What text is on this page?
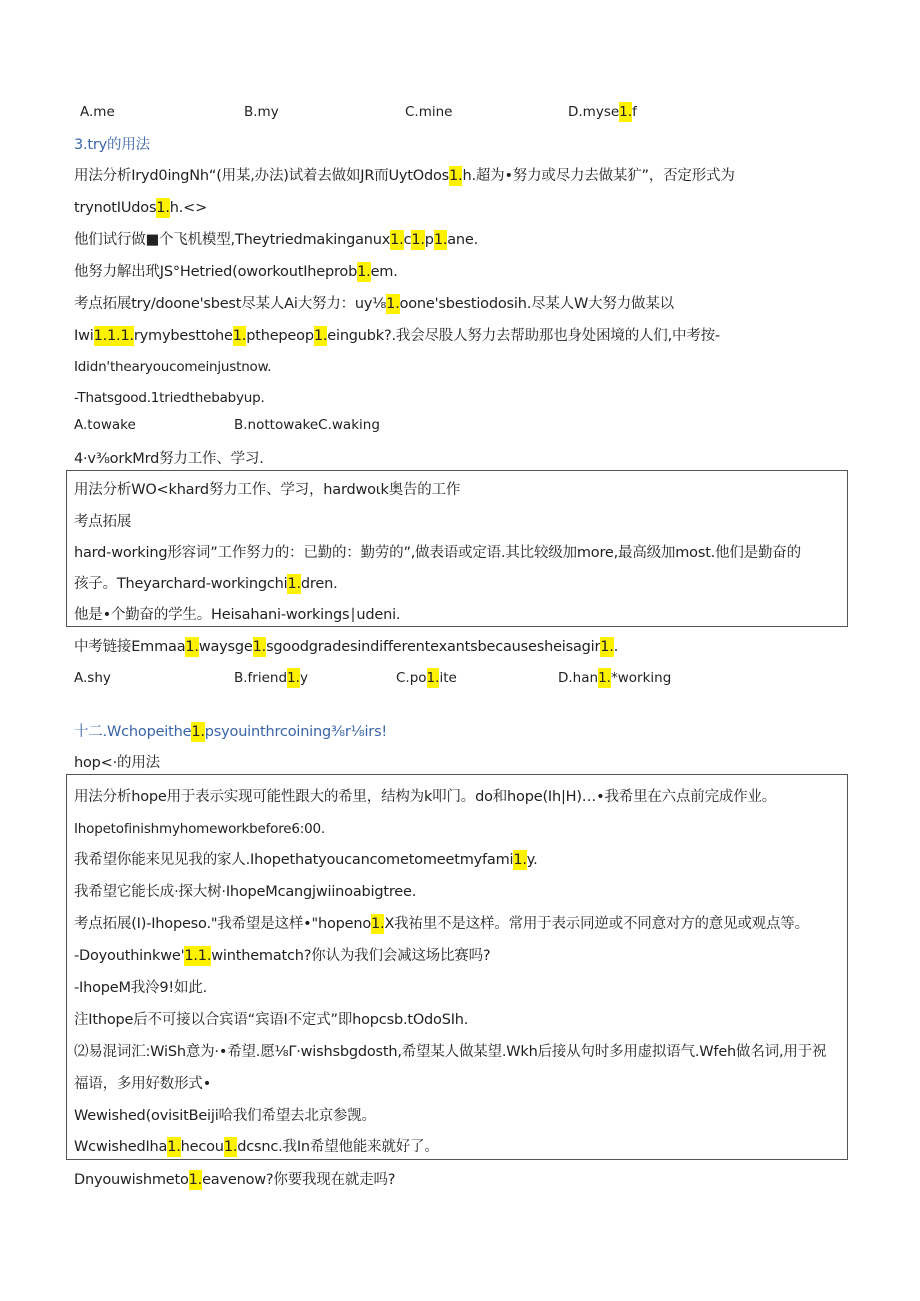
A.me	B.my	C.mine	D.myse1.f
3.try的用法
用法分析Iryd0ingNh“(用某,办法)试着去做如JR而UytOdos1.h.超为•努力或尽力去做某犷”，否定形式为
trynotIUdos1.h.<>
他们试行做■个飞机模型,Theytriedmakinganux1.c1.p1.ane.
他努力解出玳JS°Hetried(oworkoutIheprob1.em.
考点拓展try/doone'sbest尽某人Ai大努力：uy⅛1.oone'sbestiodosih.尽某人W大努力做某以
Iwi1.1.1.rymybesttohe1.pthepeop1.eingubk?.我会尽股人努力去帮助那也身处困境的人们,中考按-
Ididn'thearyoucomeinjustnow.
-Thatsgood.1triedthebabyup.
A.towake	B.nottowakeC.waking
4·v⅜orkMrd努力工作、学习.
用法分析WO<khard努力工作、学习，hardwoιk奥告的工作
考点拓展
hard-working形容词”工作努力的：已勤的：勤劳的”,做表语或定语.其比较级加more,最高级加most.他们是勤奋的
孩子。Theyarchard-workingchi1.dren.
他是•个勤奋的学生。Heisahani-workings∣udeni.
中考链接Emmaa1.waysge1.sgoodgradesindifferentexantsbecausesheisagir1..
A.shy	B.friend1.y	C.po1.ite	D.han1.*working
十二.Wchopeithe1.psyouinthrcoining⅜r⅛irs!
hop<·的用法
用法分析hope用于表示实现可能性跟大的希里，结构为k叩门。do和hope(Ih|H)…•我希里在六点前完成作业。
Ihopetofinishmyhomeworkbefore6:00.
我希望你能来见见我的家人.Ihopethatyoucancometomeetmyfami1.y.
我希望它能长成·探大树·IhopeMcangjwiinoabigtree.
考点拓展(I)-Ihopeso."我希望是这样•"hopeno1.X我祐里不是这样。常用于表示同逆或不同意对方的意见或观点等。
-Doyouthinkwe'1.1.winthematch?你认为我们会减这场比赛吗?
-IhopeM我泠9!如此.
注Ithope后不可接以合宾语“宾语I不定式”即hopcsb.tOdoSIh.
⑵易混词汇:WiSh意为·•希望.愿⅛Γ·wishsbgdosth,希望某人做某望.Wkh后接从句时多用虚拟语气.Wfeh做名词,用于祝
福语，多用好数形式•
Wewished(ovisitBeiji哈我们希望去北京参觊。
WcwishedIha1.hecou1.dcsnc.我In希望他能来就好了。
Dnyouwishmeto1.eavenow?你要我现在就走吗?
